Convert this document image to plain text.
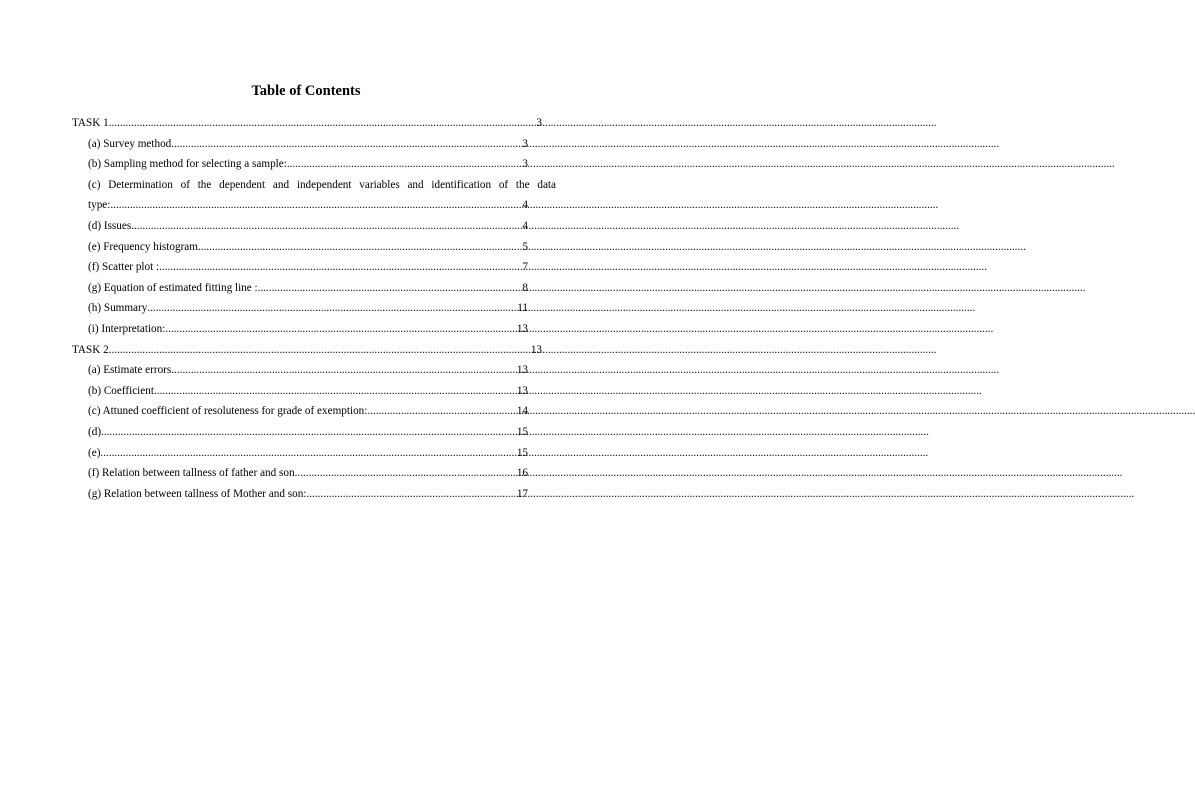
Table of Contents
TASK 1 .....	3
(a) Survey method .....	3
(b) Sampling method for selecting a sample: .....	3
(c) Determination of the dependent and independent variables and identification of the data
type: .....	4
(d) Issues .....	4
(e) Frequency histogram .....	5
(f) Scatter plot : .....	7
(g) Equation of estimated fitting line : .....	8
(h) Summary .....	11
(i) Interpretation: .....	13
TASK 2 .....	13
(a) Estimate errors .....	13
(b) Coefficient .....	13
(c) Attuned coefficient of resoluteness for grade of exemption: .....	14
(d) .....	15
(e) .....	15
(f) Relation between tallness of father and son .....	16
(g) Relation between tallness of Mother and son: .....	17
